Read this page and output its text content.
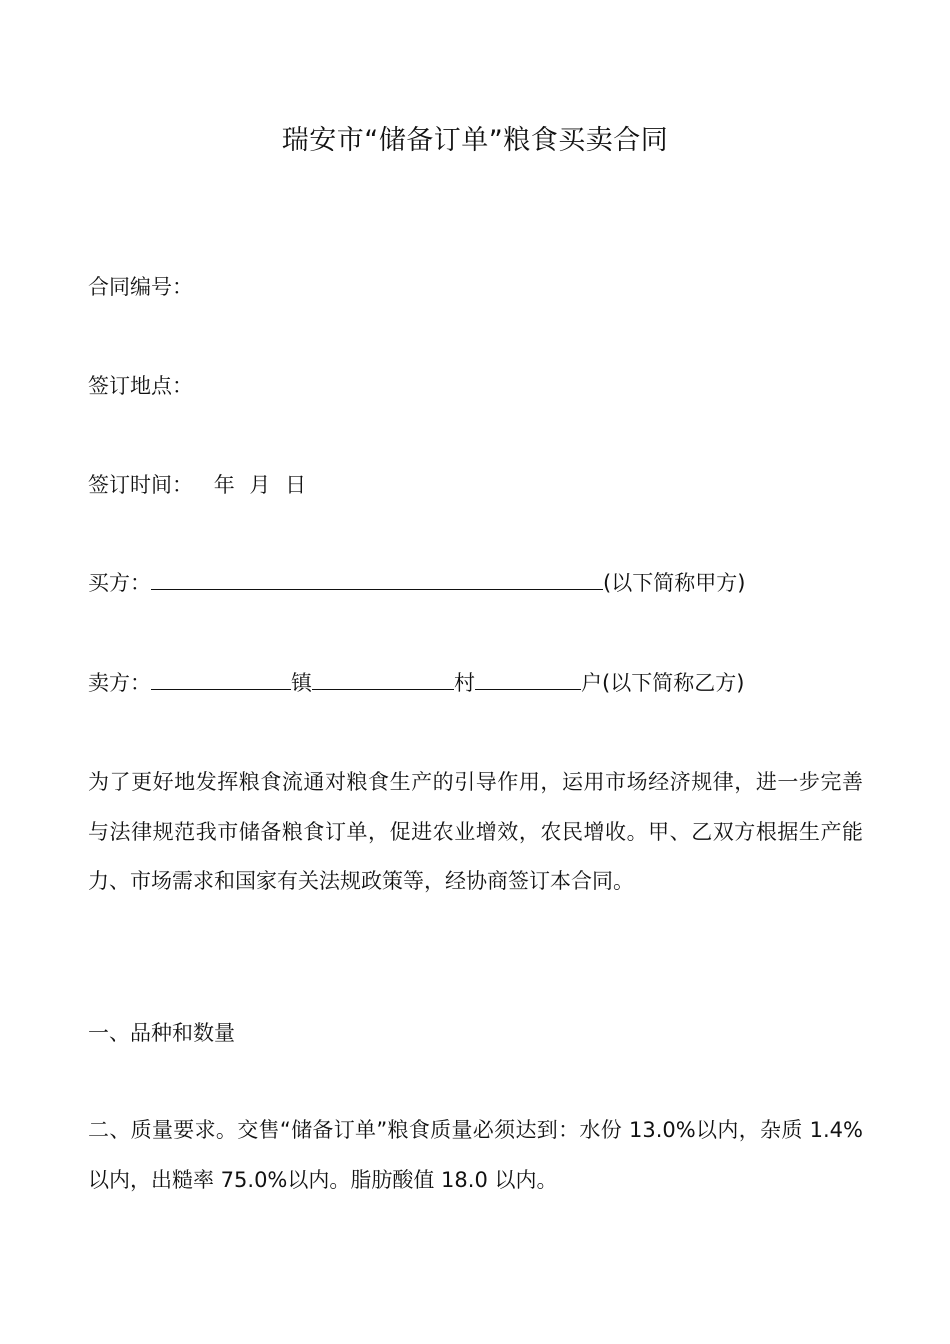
瑞安市“储备订单”粮食买卖合同
合同编号：
签订地点：
签订时间： 年 月 日
买方：	(以下简称甲方)
卖方：	镇	村	户(以下简称乙方)
为了更好地发挥粮食流通对粮食生产的引导作用，运用市场经济规律，进一步完善与法律规范我市储备粮食订单，促进农业增效，农民增收。甲、乙双方根据生产能力、市场需求和国家有关法规政策等，经协商签订本合同。
一、品种和数量
二、质量要求。交售“储备订单”粮食质量必须达到：水份 13.0%以内，杂质 1.4%以内，出糙率 75.0%以内。脂肪酸值 18.0 以内。
